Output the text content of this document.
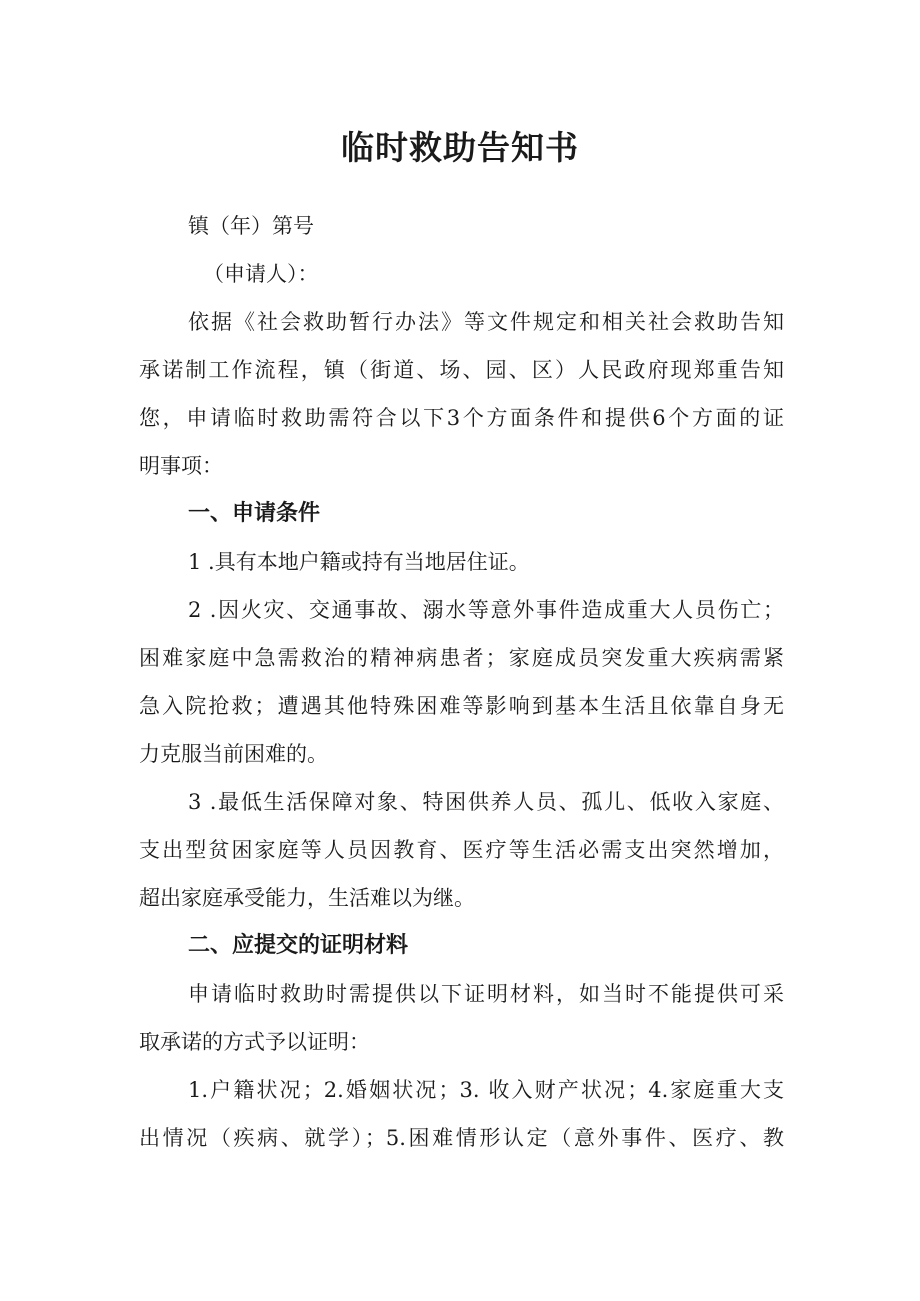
临时救助告知书
镇（年）第号
（申请人）：
依据《社会救助暂行办法》等文件规定和相关社会救助告知
承诺制工作流程，镇（街道、场、园、区）人民政府现郑重告知
您，申请临时救助需符合以下3个方面条件和提供6个方面的证
明事项：
一、申请条件
1 .具有本地户籍或持有当地居住证。
2 .因火灾、交通事故、溺水等意外事件造成重大人员伤亡；
困难家庭中急需救治的精神病患者；家庭成员突发重大疾病需紧
急入院抢救；遭遇其他特殊困难等影响到基本生活且依靠自身无
力克服当前困难的。
3 .最低生活保障对象、特困供养人员、孤儿、低收入家庭、
支出型贫困家庭等人员因教育、医疗等生活必需支出突然增加，
超出家庭承受能力，生活难以为继。
二、应提交的证明材料
申请临时救助时需提供以下证明材料，如当时不能提供可采
取承诺的方式予以证明：
1.户籍状况；2.婚姻状况；3. 收入财产状况；4.家庭重大支
出情况（疾病、就学）；5.困难情形认定（意外事件、医疗、教
